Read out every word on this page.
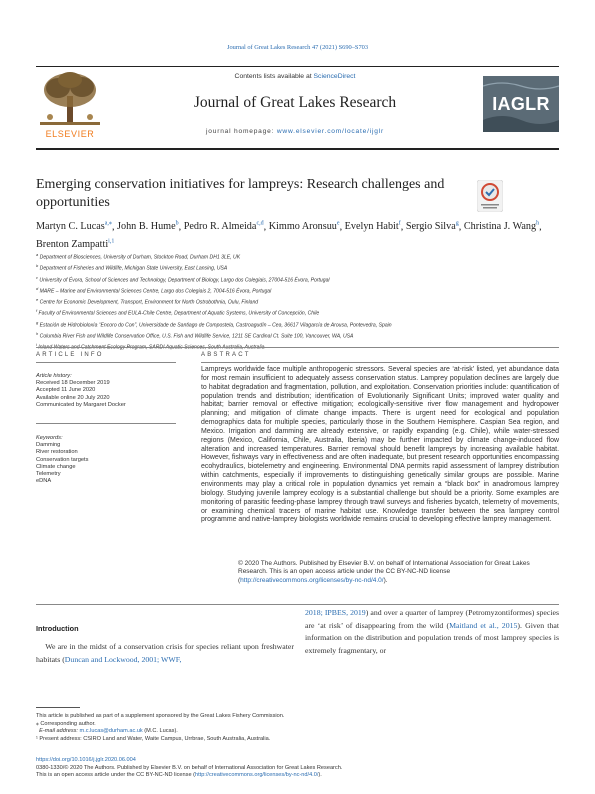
Journal of Great Lakes Research 47 (2021) S690–S703
ELSEVIER
Contents lists available at ScienceDirect
Journal of Great Lakes Research
journal homepage: www.elsevier.com/locate/ijglr
IAGLR
Emerging conservation initiatives for lampreys: Research challenges and opportunities
Martyn C. Lucas$^{a,⁎}$, John B. Hume$^b$, Pedro R. Almeida$^{c,d}$, Kimmo Aronsuu$^e$, Evelyn Habit$^f$, Sergio Silva$^g$, Christina J. Wang$^h$, Brenton Zampatti$^{i,1}$
$^a$ Department of Biosciences, University of Durham, Stockton Road, Durham DH1 3LE, UK
$^b$ Department of Fisheries and Wildlife, Michigan State University, East Lansing, USA
$^c$ University of Évora, School of Sciences and Technology, Department of Biology, Largo dos Colegiais, 27004-516 Évora, Portugal
$^d$ MARE – Marine and Environmental Sciences Centre, Largo dos Colegiais 2, 7004-516 Évora, Portugal
$^e$ Centre for Economic Development, Transport, Environment for North Ostrobothnia, Oulu, Finland
$^f$ Faculty of Environmental Sciences and EULA-Chile Centre, Department of Aquatic Systems, University of Concepción, Chile
$^g$ Estación de Hidrobioloxía “Encoro do Con”, Universidade de Santiago de Compostela, Castroagudín – Cea, 36617 Vilagarcía de Arousa, Pontevedra, Spain
$^h$ Columbia River Fish and Wildlife Conservation Office, U.S. Fish and Wildlife Service, 1211 SE Cardinal Ct. Suite 100, Vancouver, WA, USA
$^i$ Inland Waters and Catchment Ecology Program, SARDI Aquatic Sciences, South Australia, Australia
ARTICLE INFO	ABSTRACT
Article history:
Received 18 December 2019
Accepted 11 June 2020
Available online 20 July 2020
Communicated by Margaret Docker
Keywords:
Damming
River restoration
Conservation targets
Climate change
Telemetry
eDNA
Lampreys worldwide face multiple anthropogenic stressors. Several species are ‘at-risk’ listed, yet abundance data for most remain insufficient to adequately assess conservation status. Lamprey population declines are largely due to habitat degradation and fragmentation, pollution, and exploitation. Conservation priorities include: quantification of population trends and distribution; identification of Evolutionarily Significant Units; improved water quality and habitat; barrier removal or effective mitigation; ecologically-sensitive river flow management and hydropower planning; and mitigation of climate change impacts. There is urgent need for ecological and population demographics data for multiple species, particularly those in the Southern Hemisphere. Caspian Sea region, and Mexico. Irrigation and damming are already extensive, or rapidly expanding (e.g. Chile), while water-stressed regions (Mexico, California, Chile, Australia, Iberia) may be further impacted by climate change-induced flow alteration and increased temperatures. Barrier removal should benefit lampreys by increasing available habitat. However, fishways vary in effectiveness and are often inadequate, but present research opportunities encompassing ecohydraulics, biotelemetry and engineering. Environmental DNA permits rapid assessment of lamprey distribution within catchments, especially if improvements to distinguishing genetically similar groups are possible. Marine environments may play a critical role in population dynamics yet remain a “black box” in anadromous lamprey biology. Studying juvenile lamprey ecology is a substantial challenge but should be a priority. Some examples are monitoring of parasitic feeding-phase lamprey through trawl surveys and fisheries bycatch, telemetry of movements, or examining chemical tracers of marine habitat use. Knowledge transfer between the sea lamprey control programme and native-lamprey biologists worldwide remains crucial to developing effective lamprey management.
© 2020 The Authors. Published by Elsevier B.V. on behalf of International Association for Great Lakes Research. This is an open access article under the CC BY-NC-ND license (http://creativecommons.org/licenses/by-nc-nd/4.0/).
Introduction
We are in the midst of a conservation crisis for species reliant upon freshwater habitats (Duncan and Lockwood, 2001; WWF,
2018; IPBES, 2019) and over a quarter of lamprey (Petromyzontiformes) species are ‘at risk’ of disappearing from the wild (Maitland et al., 2015). Given that information on the distribution and population trends of most lamprey species is extremely fragmentary, or
This article is published as part of a supplement sponsored by the Great Lakes Fishery Commission.
⁎ Corresponding author.
E-mail address: m.c.lucas@durham.ac.uk (M.C. Lucas).
¹ Present address: CSIRO Land and Water, Waite Campus, Urrbrae, South Australia, Australia.
https://doi.org/10.1016/j.jglr.2020.06.004
0380-1330/© 2020 The Authors. Published by Elsevier B.V. on behalf of International Association for Great Lakes Research.
This is an open access article under the CC BY-NC-ND license (http://creativecommons.org/licenses/by-nc-nd/4.0/).
